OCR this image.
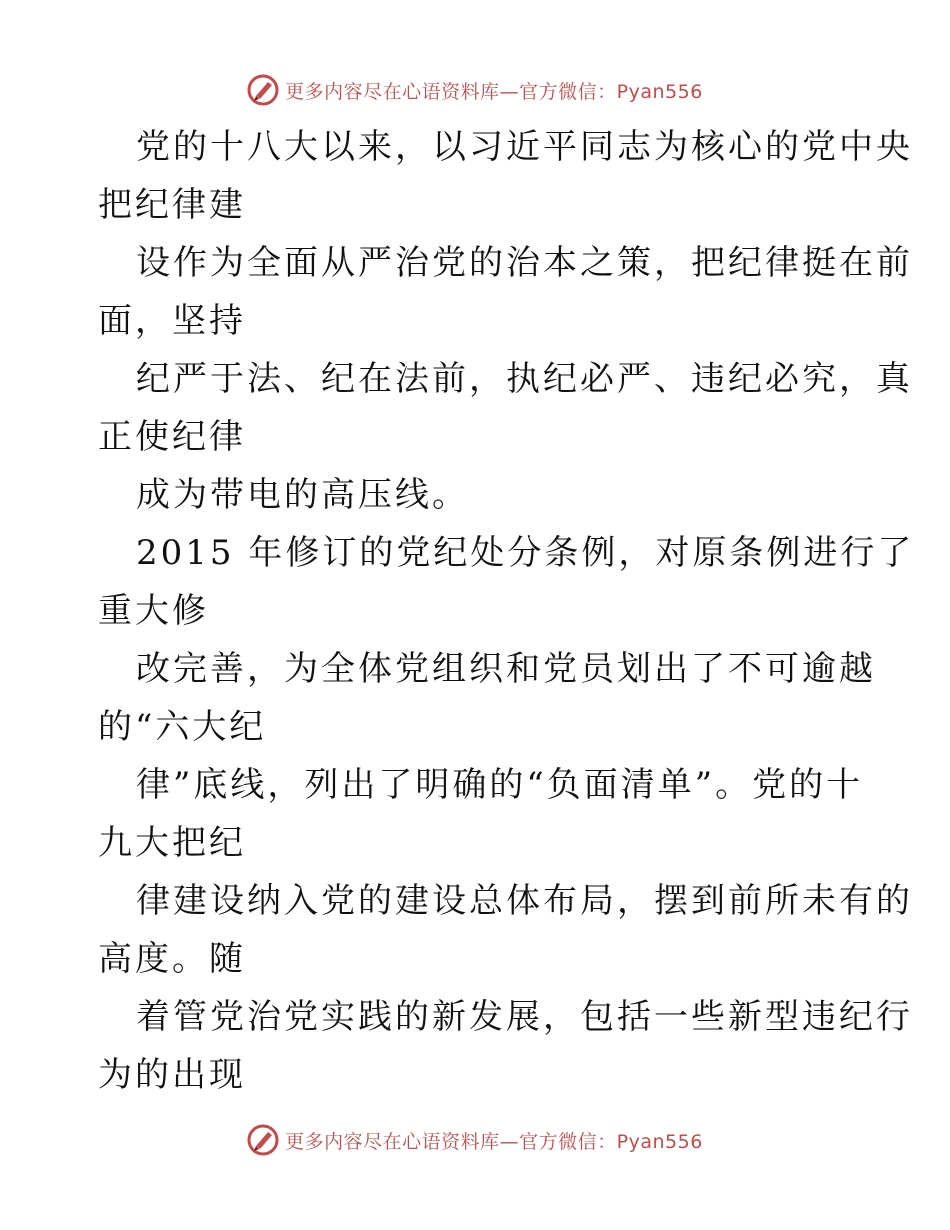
更多内容尽在心语资料库—官方微信：Pyan556
党的十八大以来，以习近平同志为核心的党中央
把纪律建
设作为全面从严治党的治本之策，把纪律挺在前
面，坚持
纪严于法、纪在法前，执纪必严、违纪必究，真
正使纪律
成为带电的高压线。
2015 年修订的党纪处分条例，对原条例进行了
重大修
改完善，为全体党组织和党员划出了不可逾越
的“六大纪
律”底线，列出了明确的“负面清单”。党的十
九大把纪
律建设纳入党的建设总体布局，摆到前所未有的
高度。随
着管党治党实践的新发展，包括一些新型违纪行
为的出现
更多内容尽在心语资料库—官方微信：Pyan556
